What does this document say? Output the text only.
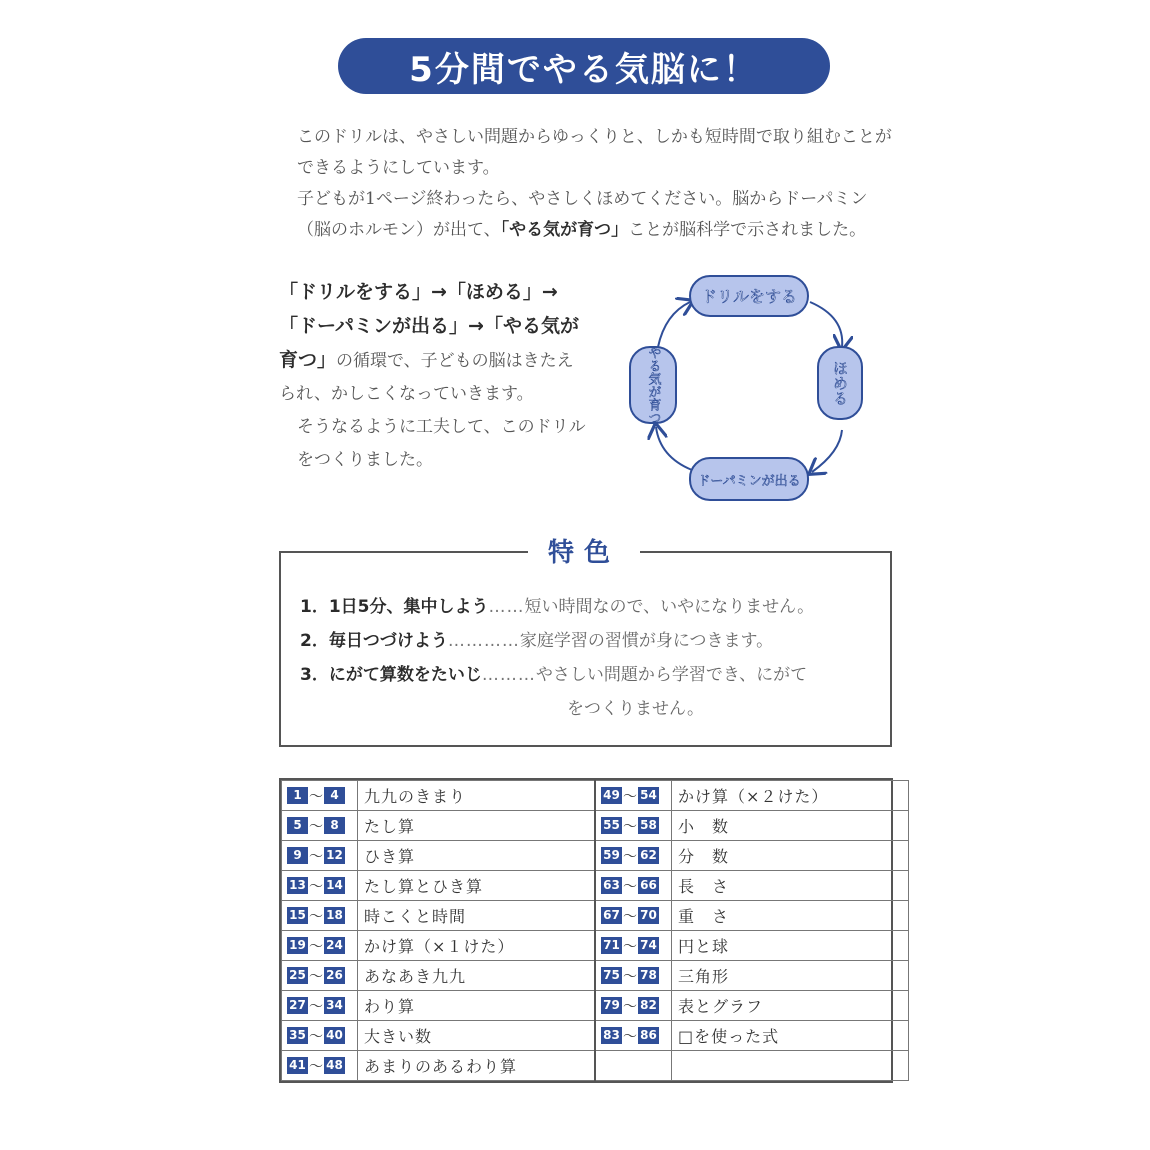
5分間でやる気脳に！

このドリルは、やさしい問題からゆっくりと、しかも短時間で取り組むことができるようにしています。

子どもが1ページ終わったら、やさしくほめてください。脳からドーパミン（脳のホルモン）が出て、「やる気が育つ」ことが脳科学で示されました。

「ドリルをする」→「ほめる」→「ドーパミンが出る」→「やる気が育つ」の循環で、子どもの脳はきたえられ、かしこくなっていきます。

そうなるように工夫して、このドリルをつくりました。

ドリルをする
ほめる
ドーパミンが出る
やる気が育つ
特色
1．1日5分、集中しよう……短い時間なので、いやになりません。
2．毎日つづけよう…………家庭学習の習慣が身につきます。
3．にがて算数をたいじ………やさしい問題から学習でき、にがて
をつくりません。
1 〜 4	九九のきまり	49 〜 54	かけ算（×２けた）
5 〜 8	たし算	55 〜 58	小　数
9 〜 12	ひき算	59 〜 62	分　数
13 〜 14	たし算とひき算	63 〜 66	長　さ
15 〜 18	時こくと時間	67 〜 70	重　さ
19 〜 24	かけ算（×１けた）	71 〜 74	円と球
25 〜 26	あなあき九九	75 〜 78	三角形
27 〜 34	わり算	79 〜 82	表とグラフ
35 〜 40	大きい数	83 〜 86	□を使った式
41 〜 48	あまりのあるわり算		
